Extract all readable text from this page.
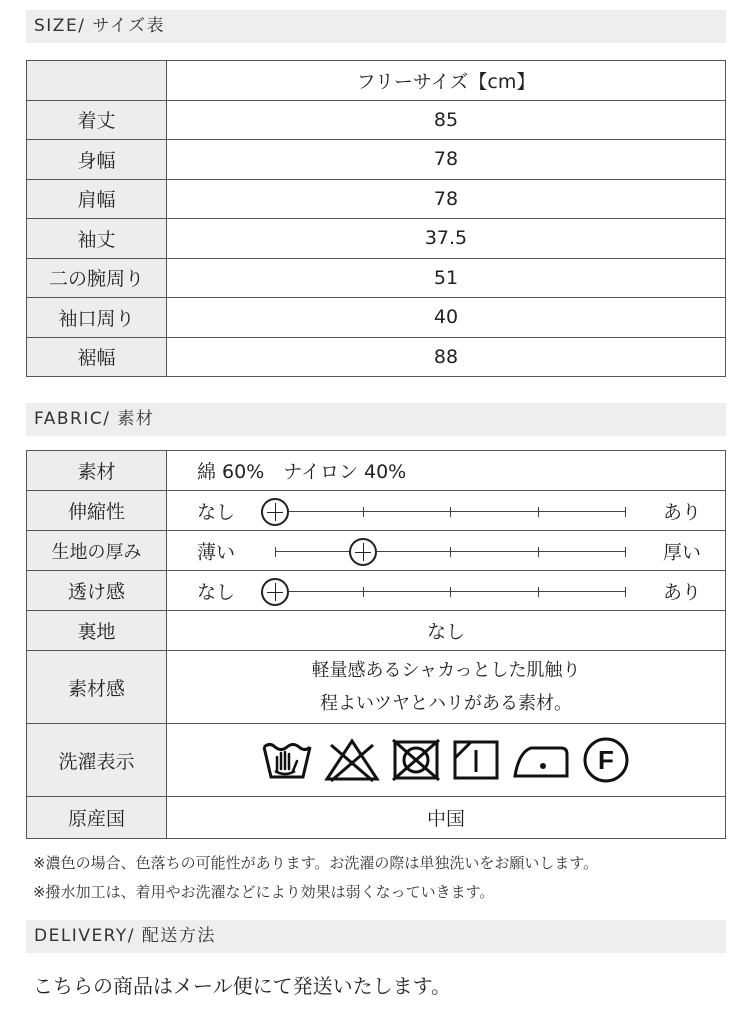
SIZE/ サイズ表
	フリーサイズ【cm】
着丈	85
身幅	78
肩幅	78
袖丈	37.5
二の腕周り	51
袖口周り	40
裾幅	88
FABRIC/ 素材
素材	綿 60%　ナイロン 40%
伸縮性	なし あり

生地の厚み	薄い 厚い

透け感	なし あり

裏地	なし
素材感	軽量感あるシャカっとした肌触り
程よいツヤとハリがある素材。

洗濯表示	F

原産国	中国
※濃色の場合、色落ちの可能性があります。お洗濯の際は単独洗いをお願いします。
※撥水加工は、着用やお洗濯などにより効果は弱くなっていきます。
DELIVERY/ 配送方法
こちらの商品はメール便にて発送いたします。
